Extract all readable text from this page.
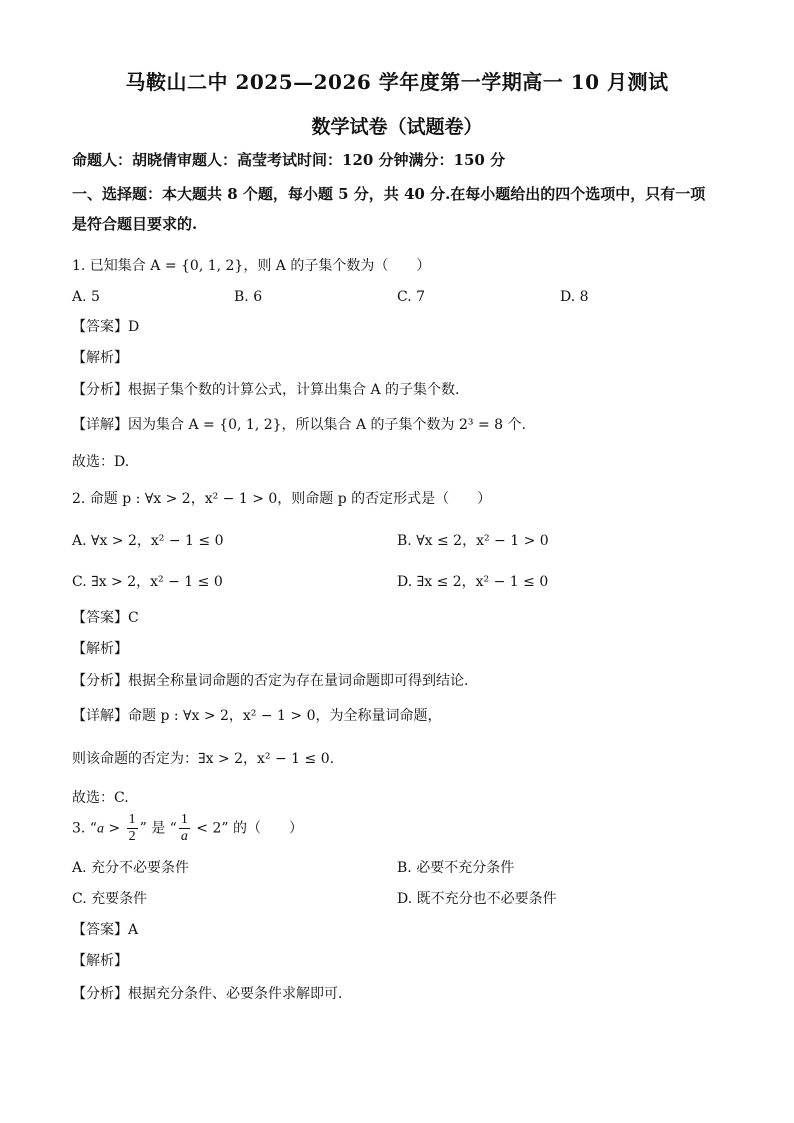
马鞍山二中 2025—2026 学年度第一学期高一 10 月测试
数学试卷（试题卷）
命题人：胡晓倩审题人：高莹考试时间：120 分钟满分：150 分
一、选择题：本大题共 8 个题，每小题 5 分，共 40 分.在每小题给出的四个选项中，只有一项
是符合题目要求的.
1. 已知集合 A = {0, 1, 2}，则 A 的子集个数为（　　）
A. 5	B. 6	C. 7	D. 8
【答案】D
【解析】
【分析】根据子集个数的计算公式，计算出集合 A 的子集个数.
【详解】因为集合 A = {0, 1, 2}，所以集合 A 的子集个数为 2³ = 8 个.
故选：D.
2. 命题 p : ∀x > 2，x² − 1 > 0，则命题 p 的否定形式是（　　）
A. ∀x > 2，x² − 1 ≤ 0	B. ∀x ≤ 2，x² − 1 > 0
C. ∃x > 2，x² − 1 ≤ 0	D. ∃x ≤ 2，x² − 1 ≤ 0
【答案】C
【解析】
【分析】根据全称量词命题的否定为存在量词命题即可得到结论.
【详解】命题 p : ∀x > 2，x² − 1 > 0，为全称量词命题，
则该命题的否定为：∃x > 2，x² − 1 ≤ 0.
故选：C.
3. “$a > \frac{1}{2}$ ” 是 “ $\frac{1}{a} < 2$” 的（　　）
A. 充分不必要条件	B. 必要不充分条件
C. 充要条件	D. 既不充分也不必要条件
【答案】A
【解析】
【分析】根据充分条件、必要条件求解即可.
